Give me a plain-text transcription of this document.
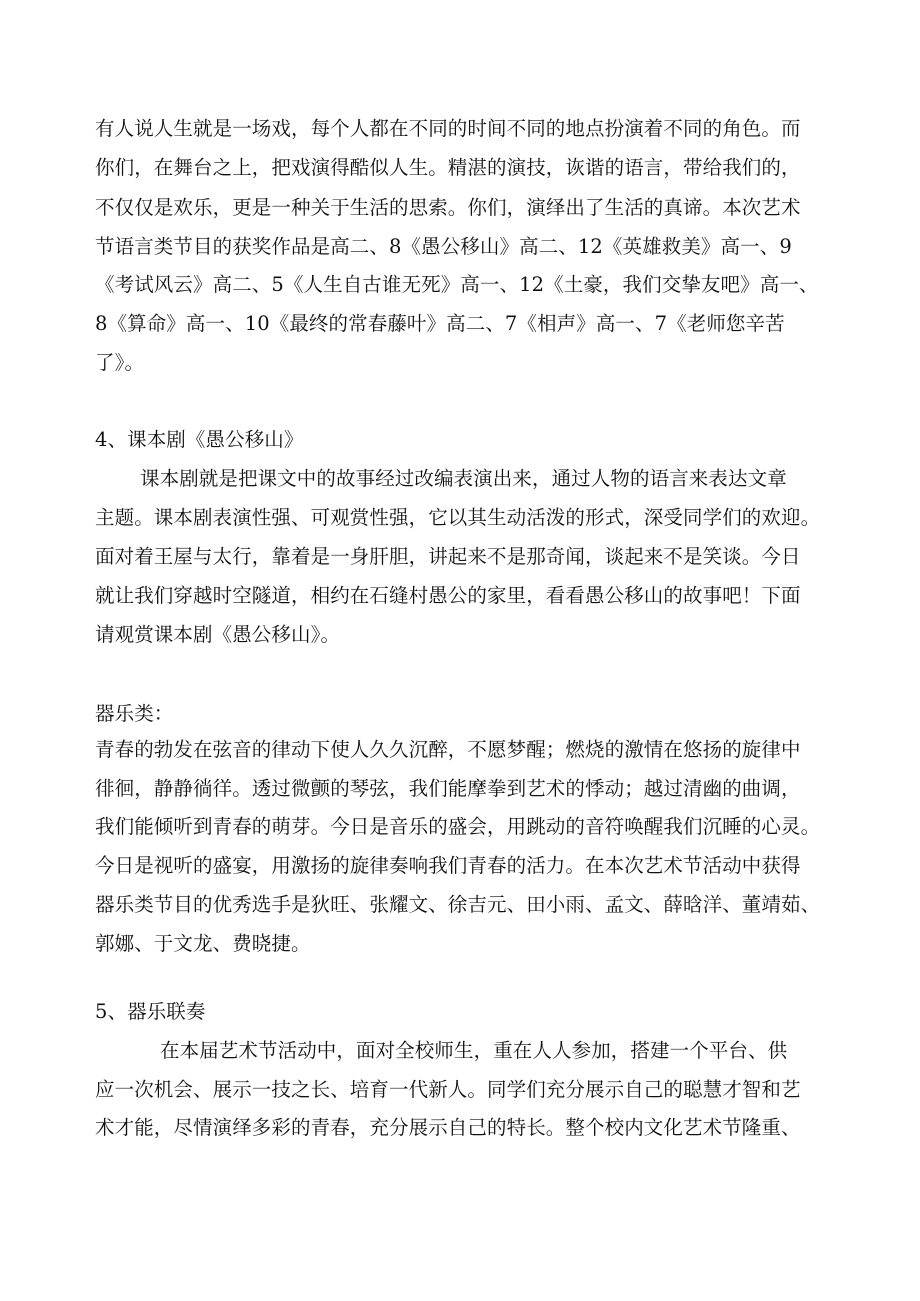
有人说人生就是一场戏，每个人都在不同的时间不同的地点扮演着不同的角色。而
你们，在舞台之上，把戏演得酷似人生。精湛的演技，诙谐的语言，带给我们的，
不仅仅是欢乐，更是一种关于生活的思索。你们，演绎出了生活的真谛。本次艺术
节语言类节目的获奖作品是高二、8《愚公移山》高二、12《英雄救美》高一、9
《考试风云》高二、5《人生自古谁无死》高一、12《土豪，我们交挚友吧》高一、
8《算命》高一、10《最终的常春藤叶》高二、7《相声》高一、7《老师您辛苦
了》。
4、课本剧《愚公移山》
课本剧就是把课文中的故事经过改编表演出来，通过人物的语言来表达文章
主题。课本剧表演性强、可观赏性强，它以其生动活泼的形式，深受同学们的欢迎。
面对着王屋与太行，靠着是一身肝胆，讲起来不是那奇闻，谈起来不是笑谈。今日
就让我们穿越时空隧道，相约在石缝村愚公的家里，看看愚公移山的故事吧！下面
请观赏课本剧《愚公移山》。
器乐类：
青春的勃发在弦音的律动下使人久久沉醉，不愿梦醒；燃烧的激情在悠扬的旋律中
徘徊，静静徜徉。透过微颤的琴弦，我们能摩拳到艺术的悸动；越过清幽的曲调，
我们能倾听到青春的萌芽。今日是音乐的盛会，用跳动的音符唤醒我们沉睡的心灵。
今日是视听的盛宴，用激扬的旋律奏响我们青春的活力。在本次艺术节活动中获得
器乐类节目的优秀选手是狄旺、张耀文、徐吉元、田小雨、孟文、薛晗洋、董靖茹、
郭娜、于文龙、费晓捷。
5、器乐联奏
在本届艺术节活动中，面对全校师生，重在人人参加，搭建一个平台、供
应一次机会、展示一技之长、培育一代新人。同学们充分展示自己的聪慧才智和艺
术才能，尽情演绎多彩的青春，充分展示自己的特长。整个校内文化艺术节隆重、
